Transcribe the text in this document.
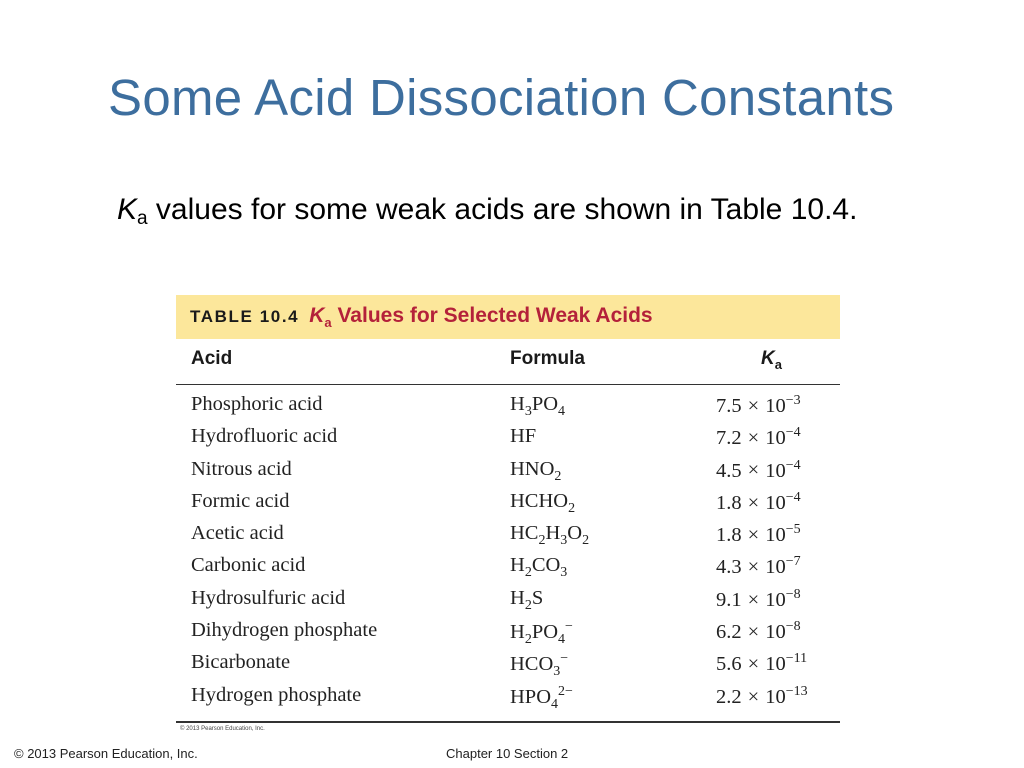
Some Acid Dissociation Constants
Ka values for some weak acids are shown in Table 10.4.
TABLE 10.4 $K_a$ Values for Selected Weak Acids
Acid	Formula	$K_a$
Phosphoric acid	$H_3PO_4$	$7.5 \times 10^{-3}$
Hydrofluoric acid	HF	$7.2 \times 10^{-4}$
Nitrous acid	$HNO_2$	$4.5 \times 10^{-4}$
Formic acid	$HCHO_2$	$1.8 \times 10^{-4}$
Acetic acid	$HC_2H_3O_2$	$1.8 \times 10^{-5}$
Carbonic acid	$H_2CO_3$	$4.3 \times 10^{-7}$
Hydrosulfuric acid	$H_2S$	$9.1 \times 10^{-8}$
Dihydrogen phosphate	$H_2PO_4^-$	$6.2 \times 10^{-8}$
Bicarbonate	$HCO_3^-$	$5.6 \times 10^{-11}$
Hydrogen phosphate	$HPO_4^{2-}$	$2.2 \times 10^{-13}$
© 2013 Pearson Education, Inc.
© 2013 Pearson Education, Inc.	Chapter 10 Section 2
